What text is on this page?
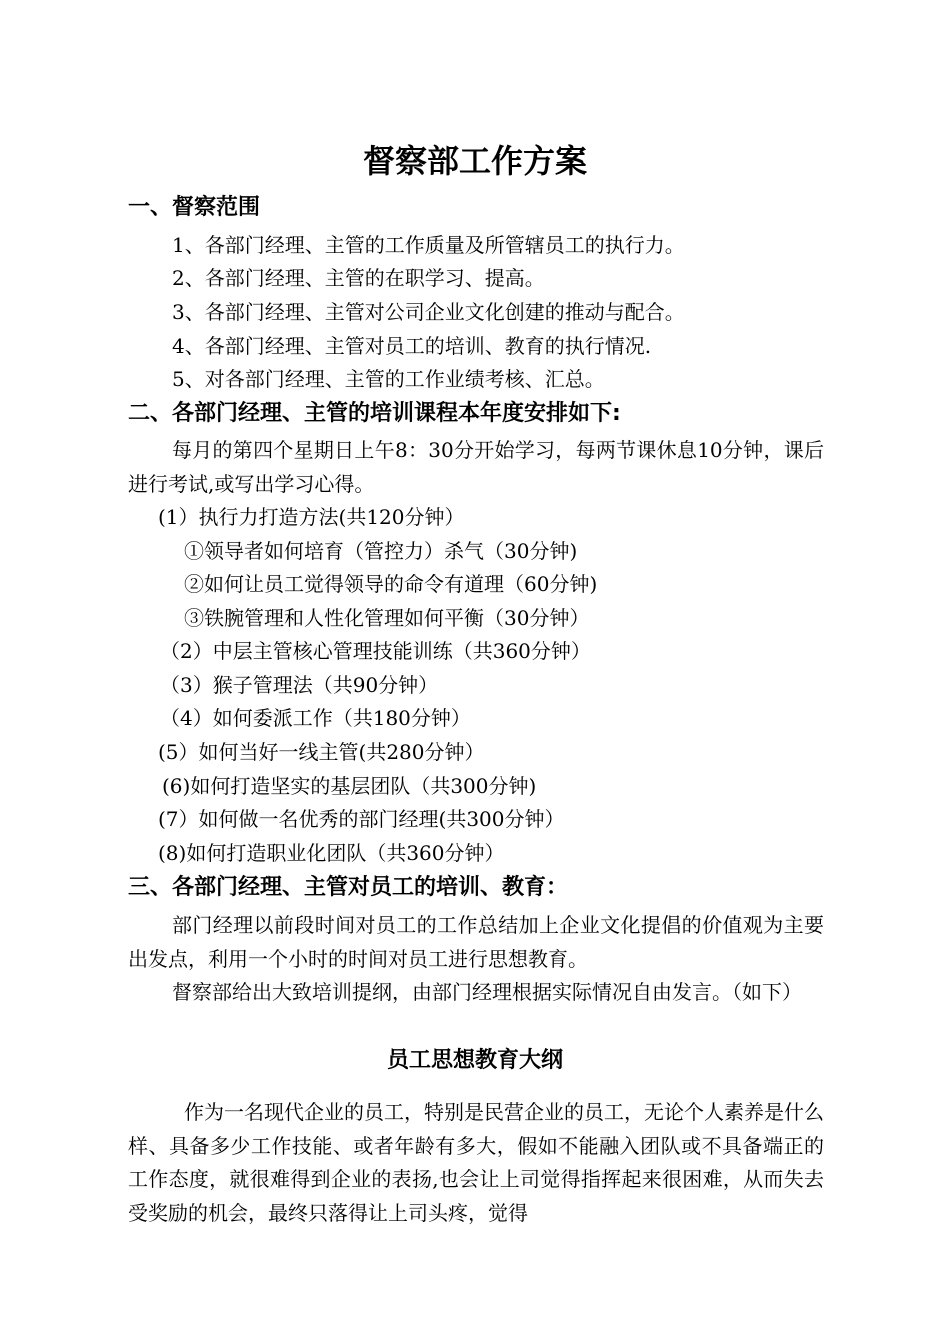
督察部工作方案
一、督察范围
1、各部门经理、主管的工作质量及所管辖员工的执行力。
2、各部门经理、主管的在职学习、提高。
3、各部门经理、主管对公司企业文化创建的推动与配合。
4、各部门经理、主管对员工的培训、教育的执行情况.
5、对各部门经理、主管的工作业绩考核、汇总。
二、各部门经理、主管的培训课程本年度安排如下:
每月的第四个星期日上午8：30分开始学习，每两节课休息10分钟，课后进行考试,或写出学习心得。
(1）执行力打造方法(共120分钟）
①领导者如何培育（管控力）杀气（30分钟)
②如何让员工觉得领导的命令有道理（60分钟)
③铁腕管理和人性化管理如何平衡（30分钟）
（2）中层主管核心管理技能训练（共360分钟）
（3）猴子管理法（共90分钟）
（4）如何委派工作（共180分钟）
(5）如何当好一线主管(共280分钟）
(6)如何打造坚实的基层团队（共300分钟)
(7）如何做一名优秀的部门经理(共300分钟）
(8)如何打造职业化团队（共360分钟）
三、各部门经理、主管对员工的培训、教育：
部门经理以前段时间对员工的工作总结加上企业文化提倡的价值观为主要出发点，利用一个小时的时间对员工进行思想教育。
督察部给出大致培训提纲，由部门经理根据实际情况自由发言。（如下）
员工思想教育大纲
作为一名现代企业的员工，特别是民营企业的员工，无论个人素养是什么样、具备多少工作技能、或者年龄有多大，假如不能融入团队或不具备端正的工作态度，就很难得到企业的表扬,也会让上司觉得指挥起来很困难，从而失去受奖励的机会，最终只落得让上司头疼，觉得
